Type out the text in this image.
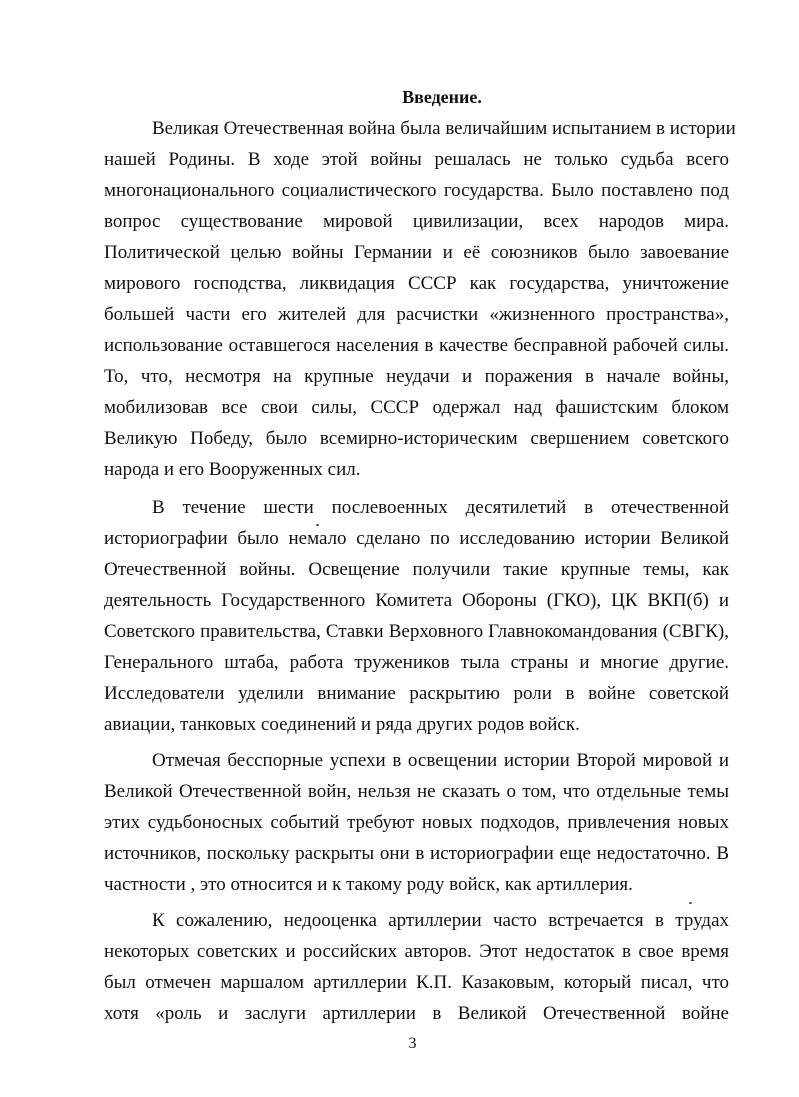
Введение.
Великая Отечественная война была величайшим испытанием в истории
нашей Родины. В ходе этой войны решалась не только судьба всего
многонационального социалистического государства. Было поставлено под
вопрос существование мировой цивилизации, всех народов мира.
Политической целью войны Германии и её союзников было завоевание
мирового господства, ликвидация СССР как государства, уничтожение
большей части его жителей для расчистки «жизненного пространства»,
использование оставшегося населения в качестве бесправной рабочей силы.
То, что, несмотря на крупные неудачи и поражения в начале войны,
мобилизовав все свои силы, СССР одержал над фашистским блоком
Великую Победу, было всемирно-историческим свершением советского
народа и его Вооруженных сил.
В течение шести послевоенных десятилетий в отечественной
историографии было немало сделано по исследованию истории Великой
Отечественной войны. Освещение получили такие крупные темы, как
деятельность Государственного Комитета Обороны (ГКО), ЦК ВКП(б) и
Советского правительства, Ставки Верховного Главнокомандования (СВГК),
Генерального штаба, работа тружеников тыла страны и многие другие.
Исследователи уделили внимание раскрытию роли в войне советской
авиации, танковых соединений и ряда других родов войск.
Отмечая бесспорные успехи в освещении истории Второй мировой и
Великой Отечественной войн, нельзя не сказать о том, что отдельные темы
этих судьбоносных событий требуют новых подходов, привлечения новых
источников, поскольку раскрыты они в историографии еще недостаточно. В
частности , это относится и к такому роду войск, как артиллерия.
К сожалению, недооценка артиллерии часто встречается в трудах
некоторых советских и российских авторов. Этот недостаток в свое время
был отмечен маршалом артиллерии К.П. Казаковым, который писал, что
хотя «роль и заслуги артиллерии в Великой Отечественной войне
3
